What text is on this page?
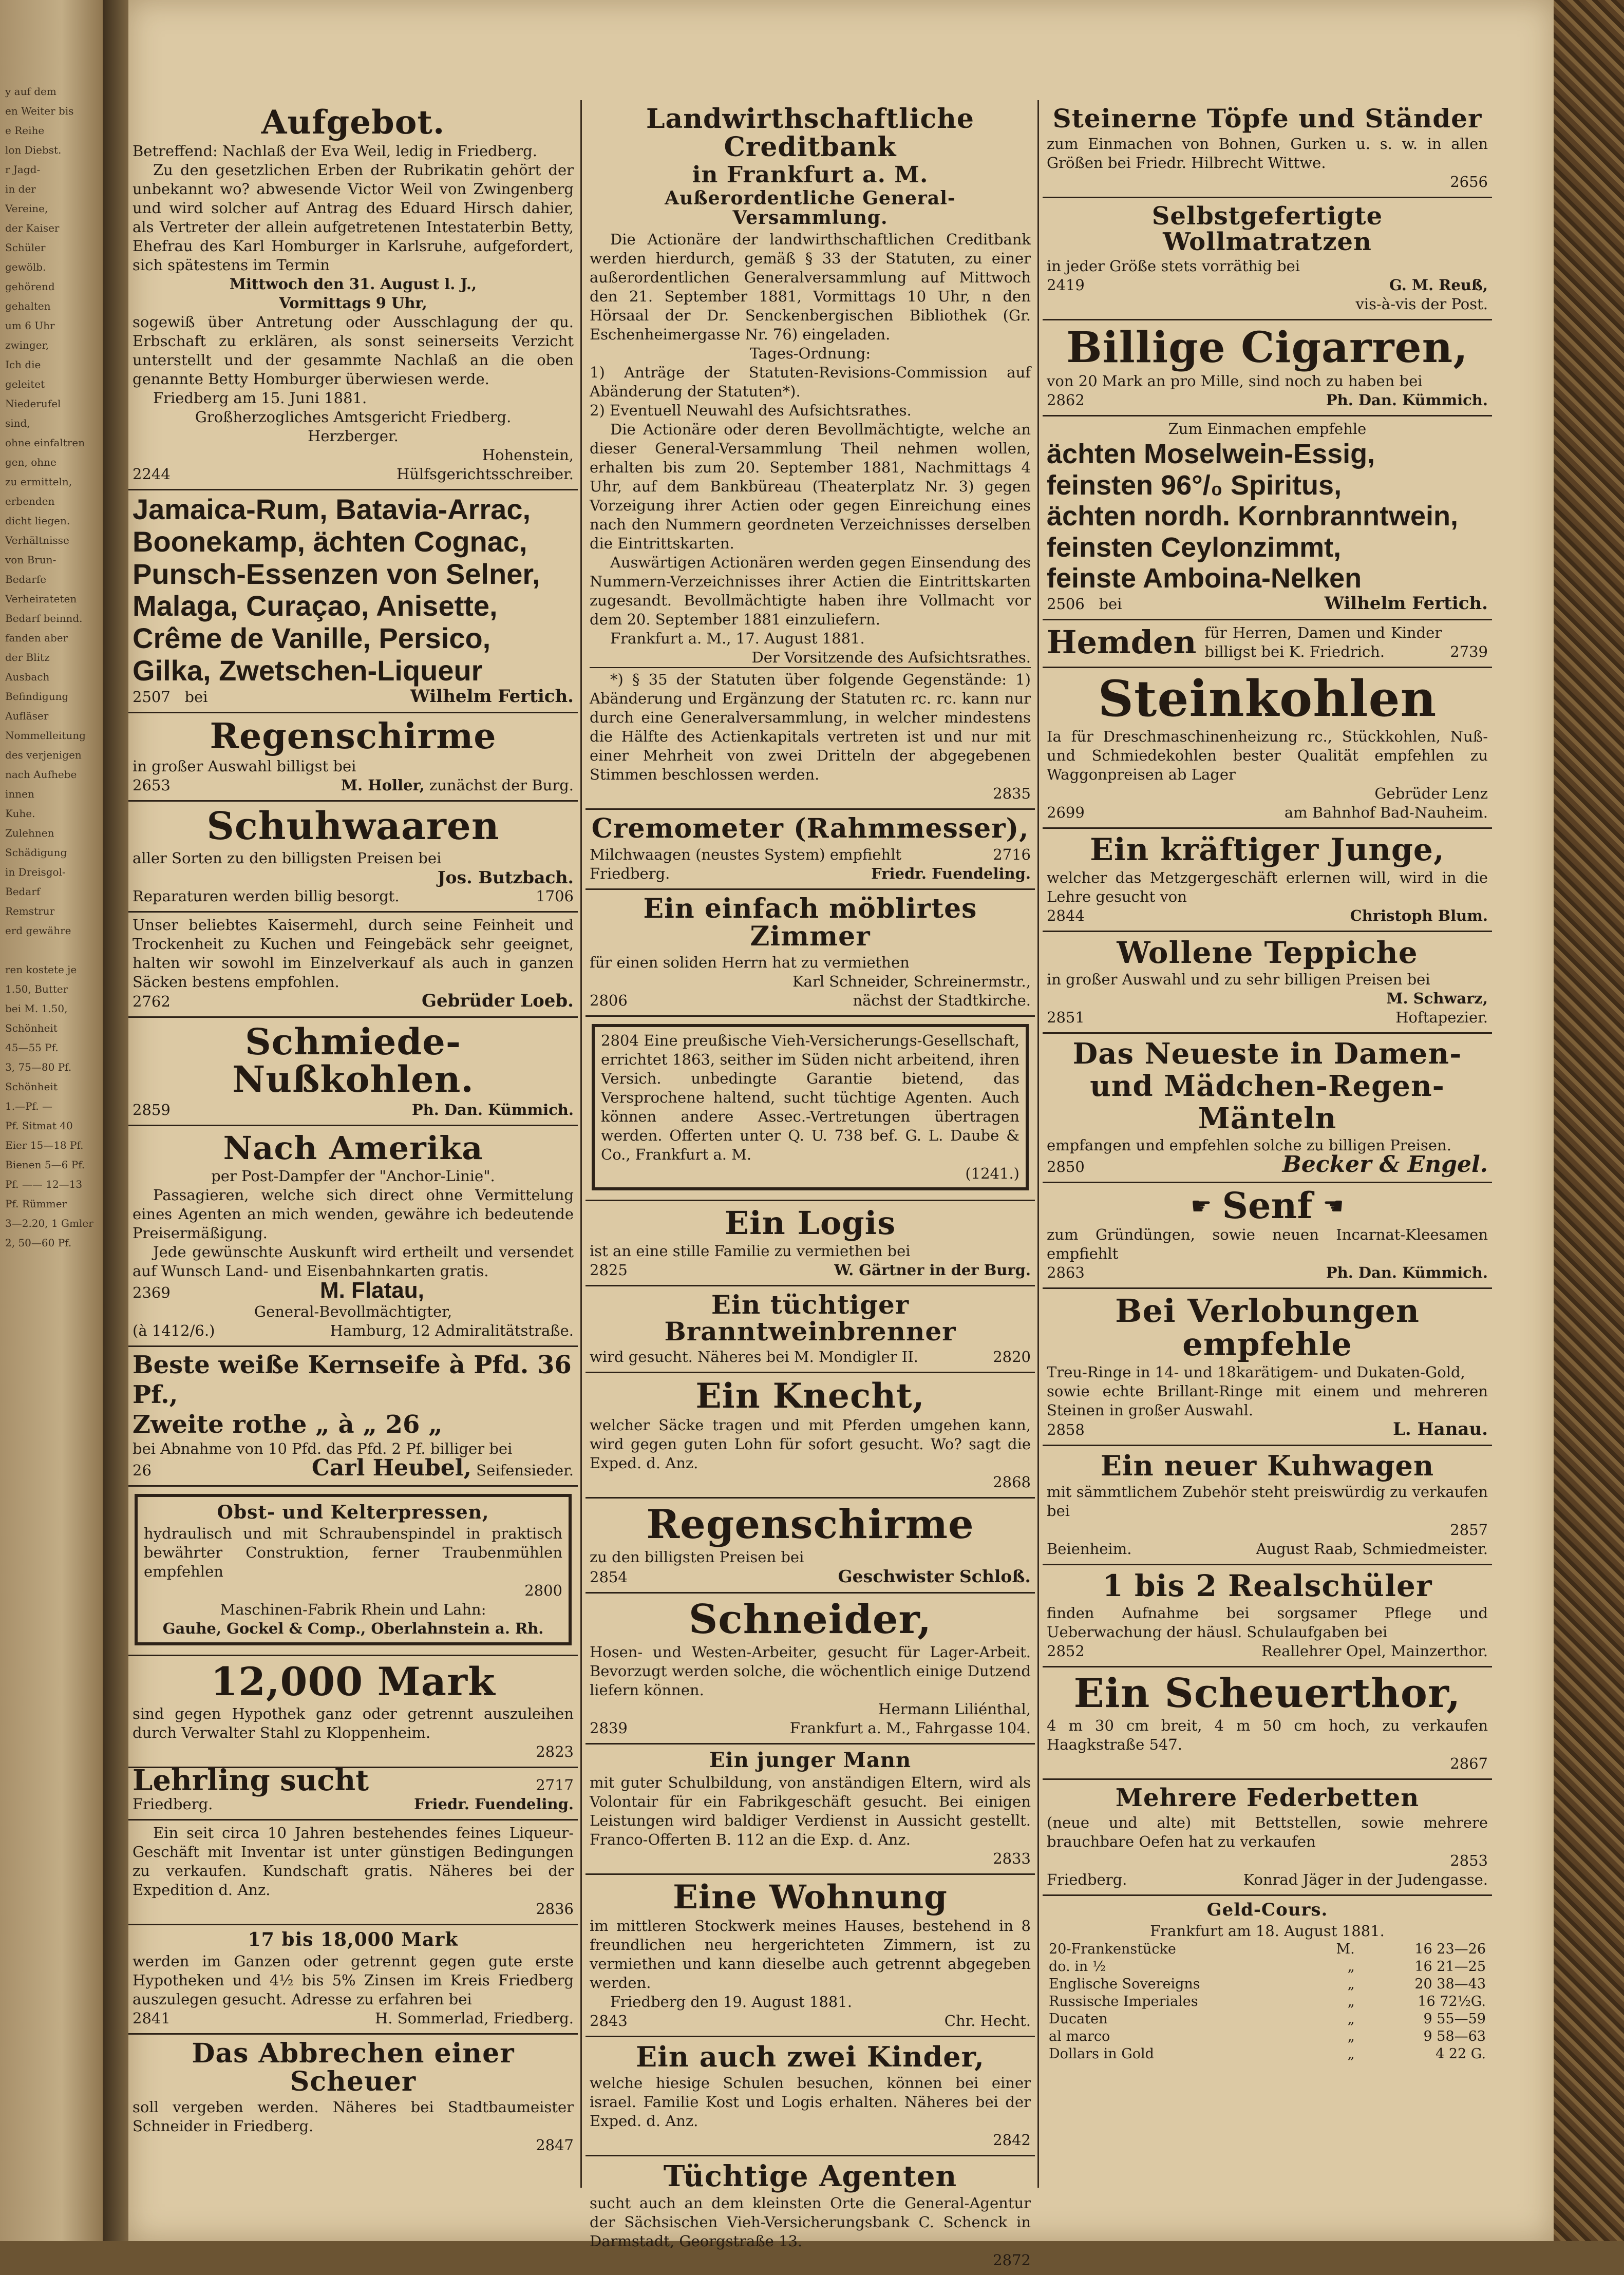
y auf dem
en Weiter bis
e Reihe
lon Diebst.
r Jagd-
in der
Vereine,
der Kaiser
Schüler
gewölb.
gehörend
gehalten
um 6 Uhr
zwinger,
Ich die
geleitet
Niederufel
sind,
ohne einfaltren
gen, ohne
zu ermitteln,
erbenden
dicht liegen.
Verhältnisse
von Brun-
Bedarfe
Verheirateten
Bedarf beinnd.
fanden aber
der Blitz
Ausbach
Befindigung
Aufläser
Nommelleitung
des verjenigen
nach Aufhebe
innen
Kuhe.
Zulehnen
Schädigung
in Dreisgol-
Bedarf
Remstrur
erd gewähre
ren kostete je
1.50, Butter
bei M. 1.50,
Schönheit
45—55 Pf.
3, 75—80 Pf.
Schönheit
1.—Pf. —
Pf. Sitmat 40
Eier 15—18 Pf.
Bienen 5—6 Pf.
Pf. —— 12—13
Pf. Rümmer
3—2.20, 1 Gmler
2, 50—60 Pf.
Aufgebot.

Betreffend: Nachlaß der Eva Weil, ledig in Friedberg.

Zu den gesetzlichen Erben der Rubrikatin gehört der unbekannt wo? abwesende Victor Weil von Zwingenberg und wird solcher auf Antrag des Eduard Hirsch dahier, als Vertreter der allein aufgetretenen Intestaterbin Betty, Ehefrau des Karl Homburger in Karlsruhe, aufgefordert, sich spätestens im Termin

Mittwoch den 31. August l. J.,

Vormittags 9 Uhr,

sogewiß über Antretung oder Ausschlagung der qu. Erbschaft zu erklären, als sonst seinerseits Verzicht unterstellt und der gesammte Nachlaß an die oben genannte Betty Homburger überwiesen werde.

Friedberg am 15. Juni 1881.

Großherzogliches Amtsgericht Friedberg.

Herzberger.

Hohenstein,

2244	Hülfsgerichtsschreiber.

Jamaica-Rum, Batavia-Arrac,

Boonekamp, ächten Cognac,

Punsch-Essenzen von Selner,

Malaga, Curaçao, Anisette,

Crême de Vanille, Persico,

Gilka, Zwetschen-Liqueur

2507 bei	Wilhelm Fertich.
Regenschirme

in großer Auswahl billigst bei

2653	M. Holler, zunächst der Burg.
Schuhwaaren

aller Sorten zu den billigsten Preisen bei

Jos. Butzbach.

Reparaturen werden billig besorgt.	1706

Unser beliebtes Kaisermehl, durch seine Feinheit und Trockenheit zu Kuchen und Feingebäck sehr geeignet, halten wir sowohl im Einzelverkauf als auch in ganzen Säcken bestens empfohlen.

2762	Gebrüder Loeb.
Schmiede-Nußkohlen.
2859	Ph. Dan. Kümmich.
Nach Amerika

per Post-Dampfer der "Anchor-Linie".

Passagieren, welche sich direct ohne Vermittelung eines Agenten an mich wenden, gewähre ich bedeutende Preisermäßigung.

Jede gewünschte Auskunft wird ertheilt und versendet auf Wunsch Land- und Eisenbahnkarten gratis.

2369	M. Flatau,

General-Bevollmächtigter,

(à 1412/6.)	Hamburg, 12 Admiralitätstraße.

Beste weiße Kernseife à Pfd. 36 Pf.,

Zweite rothe „ à „ 26 „

bei Abnahme von 10 Pfd. das Pfd. 2 Pf. billiger bei

26	Carl Heubel, Seifensieder.
Obst- und Kelterpressen,

hydraulisch und mit Schraubenspindel in praktisch bewährter Construktion, ferner Traubenmühlen empfehlen

2800

Maschinen-Fabrik Rhein und Lahn:

Gauhe, Gockel & Comp., Oberlahnstein a. Rh.

12,000 Mark

sind gegen Hypothek ganz oder getrennt auszuleihen durch Verwalter Stahl zu Kloppenheim.

2823

Lehrling sucht	2717
Friedberg.	Friedr. Fuendeling.

Ein seit circa 10 Jahren bestehendes feines Liqueur-Geschäft mit Inventar ist unter günstigen Bedingungen zu verkaufen. Kundschaft gratis. Näheres bei der Expedition d. Anz.

2836

17 bis 18,000 Mark

werden im Ganzen oder getrennt gegen gute erste Hypotheken und 4½ bis 5% Zinsen im Kreis Friedberg auszulegen gesucht. Adresse zu erfahren bei

2841	H. Sommerlad, Friedberg.
Das Abbrechen einer Scheuer

soll vergeben werden. Näheres bei Stadtbaumeister Schneider in Friedberg.

2847

Landwirthschaftliche Creditbank
in Frankfurt a. M.
Außerordentliche General-Versammlung.

Die Actionäre der landwirthschaftlichen Creditbank werden hierdurch, gemäß § 33 der Statuten, zu einer außerordentlichen Generalversammlung auf Mittwoch den 21. September 1881, Vormittags 10 Uhr, n den Hörsaal der Dr. Senckenbergischen Bibliothek (Gr. Eschenheimergasse Nr. 76) eingeladen.

Tages-Ordnung:

1) Anträge der Statuten-Revisions-Commission auf Abänderung der Statuten*).

2) Eventuell Neuwahl des Aufsichtsrathes.

Die Actionäre oder deren Bevollmächtigte, welche an dieser General-Versammlung Theil nehmen wollen, erhalten bis zum 20. September 1881, Nachmittags 4 Uhr, auf dem Bankbüreau (Theaterplatz Nr. 3) gegen Vorzeigung ihrer Actien oder gegen Einreichung eines nach den Nummern geordneten Verzeichnisses derselben die Eintrittskarten.

Auswärtigen Actionären werden gegen Einsendung des Nummern-Verzeichnisses ihrer Actien die Eintrittskarten zugesandt. Bevollmächtigte haben ihre Vollmacht vor dem 20. September 1881 einzuliefern.

Frankfurt a. M., 17. August 1881.

Der Vorsitzende des Aufsichtsrathes.

*) § 35 der Statuten über folgende Gegenstände: 1) Abänderung und Ergänzung der Statuten rc. rc. kann nur durch eine Generalversammlung, in welcher mindestens die Hälfte des Actienkapitals vertreten ist und nur mit einer Mehrheit von zwei Dritteln der abgegebenen Stimmen beschlossen werden.

2835

Cremometer (Rahmmesser),
Milchwaagen (neustes System) empfiehlt	2716
Friedberg.	Friedr. Fuendeling.
Ein einfach möblirtes Zimmer

für einen soliden Herrn hat zu vermiethen

Karl Schneider, Schreinermstr.,

2806	nächst der Stadtkirche.

2804 Eine preußische Vieh-Versicherungs-Gesellschaft, errichtet 1863, seither im Süden nicht arbeitend, ihren Versich. unbedingte Garantie bietend, das Versprochene haltend, sucht tüchtige Agenten. Auch können andere Assec.-Vertretungen übertragen werden. Offerten unter Q. U. 738 bef. G. L. Daube & Co., Frankfurt a. M.

(1241.)

Ein Logis

ist an eine stille Familie zu vermiethen bei

2825	W. Gärtner in der Burg.
Ein tüchtiger Branntweinbrenner
wird gesucht. Näheres bei M. Mondigler II.	2820
Ein Knecht,

welcher Säcke tragen und mit Pferden umgehen kann, wird gegen guten Lohn für sofort gesucht. Wo? sagt die Exped. d. Anz.

2868

Regenschirme

zu den billigsten Preisen bei

2854	Geschwister Schloß.
Schneider,

Hosen- und Westen-Arbeiter, gesucht für Lager-Arbeit. Bevorzugt werden solche, die wöchentlich einige Dutzend liefern können.

Hermann Liliénthal,

2839	Frankfurt a. M., Fahrgasse 104.
Ein junger Mann

mit guter Schulbildung, von anständigen Eltern, wird als Volontair für ein Fabrikgeschäft gesucht. Bei einigen Leistungen wird baldiger Verdienst in Aussicht gestellt. Franco-Offerten B. 112 an die Exp. d. Anz.

2833

Eine Wohnung

im mittleren Stockwerk meines Hauses, bestehend in 8 freundlichen neu hergerichteten Zimmern, ist zu vermiethen und kann dieselbe auch getrennt abgegeben werden.

Friedberg den 19. August 1881.

2843	Chr. Hecht.
Ein auch zwei Kinder,

welche hiesige Schulen besuchen, können bei einer israel. Familie Kost und Logis erhalten. Näheres bei der Exped. d. Anz.

2842

Tüchtige Agenten

sucht auch an dem kleinsten Orte die General-Agentur der Sächsischen Vieh-Versicherungsbank C. Schenck in Darmstadt, Georgstraße 13.

2872

Steinerne Töpfe und Ständer

zum Einmachen von Bohnen, Gurken u. s. w. in allen Größen bei Friedr. Hilbrecht Wittwe.

2656

Selbstgefertigte Wollmatratzen

in jeder Größe stets vorräthig bei

2419	G. M. Reuß,

vis-à-vis der Post.

Billige Cigarren,

von 20 Mark an pro Mille, sind noch zu haben bei

2862	Ph. Dan. Kümmich.

Zum Einmachen empfehle

ächten Moselwein-Essig,

feinsten 96°/₀ Spiritus,

ächten nordh. Kornbranntwein,

feinsten Ceylonzimmt,

feinste Amboina-Nelken

2506 bei	Wilhelm Fertich.
Hemden für Herren, Damen und Kinder billigst bei K. Friedrich.	2739
Steinkohlen

Ia für Dreschmaschinenheizung rc., Stückkohlen, Nuß- und Schmiedekohlen bester Qualität empfehlen zu Waggonpreisen ab Lager

Gebrüder Lenz

2699	am Bahnhof Bad-Nauheim.
Ein kräftiger Junge,

welcher das Metzgergeschäft erlernen will, wird in die Lehre gesucht von

2844	Christoph Blum.
Wollene Teppiche

in großer Auswahl und zu sehr billigen Preisen bei

M. Schwarz,

2851	Hoftapezier.
Das Neueste in Damen-
und Mädchen-Regen-
Mänteln

empfangen und empfehlen solche zu billigen Preisen.

2850	Becker & Engel.
☛ Senf ☚

zum Gründüngen, sowie neuen Incarnat-Kleesamen empfiehlt

2863	Ph. Dan. Kümmich.
Bei Verlobungen empfehle

Treu-Ringe in 14- und 18karätigem- und Dukaten-Gold,

sowie echte Brillant-Ringe mit einem und mehreren Steinen in großer Auswahl.

2858	L. Hanau.
Ein neuer Kuhwagen

mit sämmtlichem Zubehör steht preiswürdig zu verkaufen bei

2857

Beienheim.	August Raab, Schmiedmeister.
1 bis 2 Realschüler

finden Aufnahme bei sorgsamer Pflege und Ueberwachung der häusl. Schulaufgaben bei

2852	Reallehrer Opel, Mainzerthor.
Ein Scheuerthor,

4 m 30 cm breit, 4 m 50 cm hoch, zu verkaufen Haagkstraße 547.

2867

Mehrere Federbetten

(neue und alte) mit Bettstellen, sowie mehrere brauchbare Oefen hat zu verkaufen

2853

Friedberg.	Konrad Jäger in der Judengasse.
Geld-Cours.

Frankfurt am 18. August 1881.

20-Frankenstücke	M.	16 23—26
do. in ½	„	16 21—25
Englische Sovereigns	„	20 38—43
Russische Imperiales	„	16 72½G.
Ducaten	„	9 55—59
al marco	„	9 58—63
Dollars in Gold	„	4 22 G.
